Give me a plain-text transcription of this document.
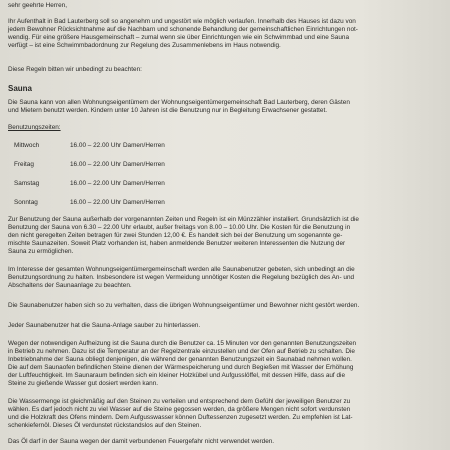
sehr geehrte Herren,
Ihr Aufenthalt in Bad Lauterberg soll so angenehm und ungestört wie möglich verlaufen. Innerhalb des Hauses ist dazu von
jedem Bewohner Rücksichtnahme auf die Nachbarn und schonende Behandlung der gemeinschaftlichen Einrichtungen not-
wendig. Für eine größere Hausgemeinschaft – zumal wenn sie über Einrichtungen wie ein Schwimmbad und eine Sauna
verfügt – ist eine Schwimmbadordnung zur Regelung des Zusammenlebens im Haus notwendig.
Diese Regeln bitten wir unbedingt zu beachten:
Sauna
Die Sauna kann von allen Wohnungseigentümern der Wohnungseigentümergemeinschaft Bad Lauterberg, deren Gästen
und Mietern benutzt werden. Kindern unter 10 Jahren ist die Benutzung nur in Begleitung Erwachsener gestattet.
Benutzungszeiten:
Mittwoch	16.00 – 22.00 Uhr Damen/Herren
Freitag	16.00 – 22.00 Uhr Damen/Herren
Samstag	16.00 – 22.00 Uhr Damen/Herren
Sonntag	16.00 – 22.00 Uhr Damen/Herren
Zur Benutzung der Sauna außerhalb der vorgenannten Zeiten und Regeln ist ein Münzzähler installiert. Grundsätzlich ist die
Benutzung der Sauna von 6.30 – 22.00 Uhr erlaubt, außer freitags von 8.00 – 10.00 Uhr. Die Kosten für die Benutzung in
den nicht geregelten Zeiten betragen für zwei Stunden 12,00 €. Es handelt sich bei der Benutzung um sogenannte ge-
mischte Saunazeiten. Soweit Platz vorhanden ist, haben anmeldende Benutzer weiteren Interessenten die Nutzung der
Sauna zu ermöglichen.
Im Interesse der gesamten Wohnungseigentümergemeinschaft werden alle Saunabenutzer gebeten, sich unbedingt an die
Benutzungsordnung zu halten. Insbesondere ist wegen Vermeidung unnötiger Kosten die Regelung bezüglich des An- und
Abschaltens der Saunaanlage zu beachten.
Die Saunabenutzer haben sich so zu verhalten, dass die übrigen Wohnungseigentümer und Bewohner nicht gestört werden.
Jeder Saunabenutzer hat die Sauna-Anlage sauber zu hinterlassen.
Wegen der notwendigen Aufheizung ist die Sauna durch die Benutzer ca. 15 Minuten vor den genannten Benutzungszeiten
in Betrieb zu nehmen. Dazu ist die Temperatur an der Regelzentrale einzustellen und der Ofen auf Betrieb zu schalten. Die
Inbetriebnahme der Sauna obliegt denjenigen, die während der genannten Benutzungszeit ein Saunabad nehmen wollen.
Die auf dem Saunaofen befindlichen Steine dienen der Wärmespeicherung und durch Begießen mit Wasser der Erhöhung
der Luftfeuchtigkeit. Im Saunaraum befinden sich ein kleiner Holzkübel und Aufgusslöffel, mit dessen Hilfe, dass auf die
Steine zu gießende Wasser gut dosiert werden kann.
Die Wassermenge ist gleichmäßig auf den Steinen zu verteilen und entsprechend dem Gefühl der jeweiligen Benutzer zu
wählen. Es darf jedoch nicht zu viel Wasser auf die Steine gegossen werden, da größere Mengen nicht sofort verdunsten
und die Holzkraft des Ofens mindern. Dem Aufgusswasser können Duftessenzen zugesetzt werden. Zu empfehlen ist Lat-
schenkiefernöl. Dieses Öl verdunstet rückstandslos auf den Steinen.
Das Öl darf in der Sauna wegen der damit verbundenen Feuergefahr nicht verwendet werden.
